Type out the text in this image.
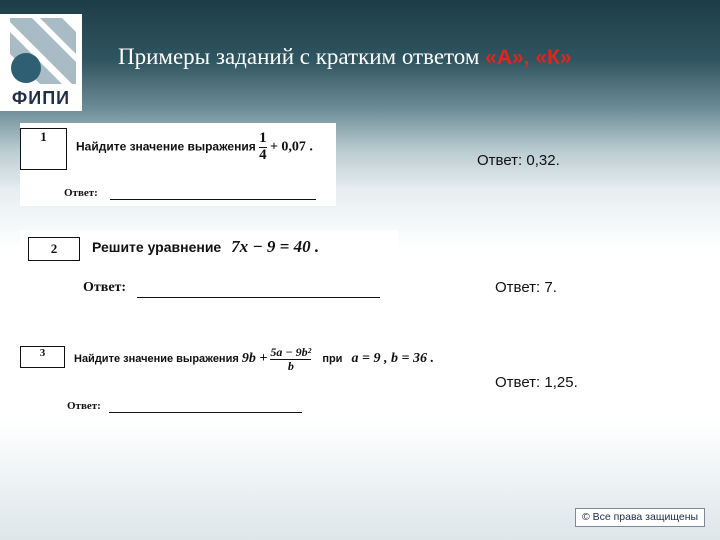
ФИПИ
Примеры заданий с кратким ответом «А», «К»
1
Найдите значение выражения $\frac{1}{4} + 0,07$ .
Ответ:
Ответ: 0,32.
2 Решите уравнение 7x − 9 = 40 .
Ответ:	Ответ: 7.
3	Найдите значение выражения $9b + \frac{\text{5a − 9b²}}{b}$ при a = 9 , b = 36 .
Ответ:
Ответ: 1,25.
© Все права защищены
